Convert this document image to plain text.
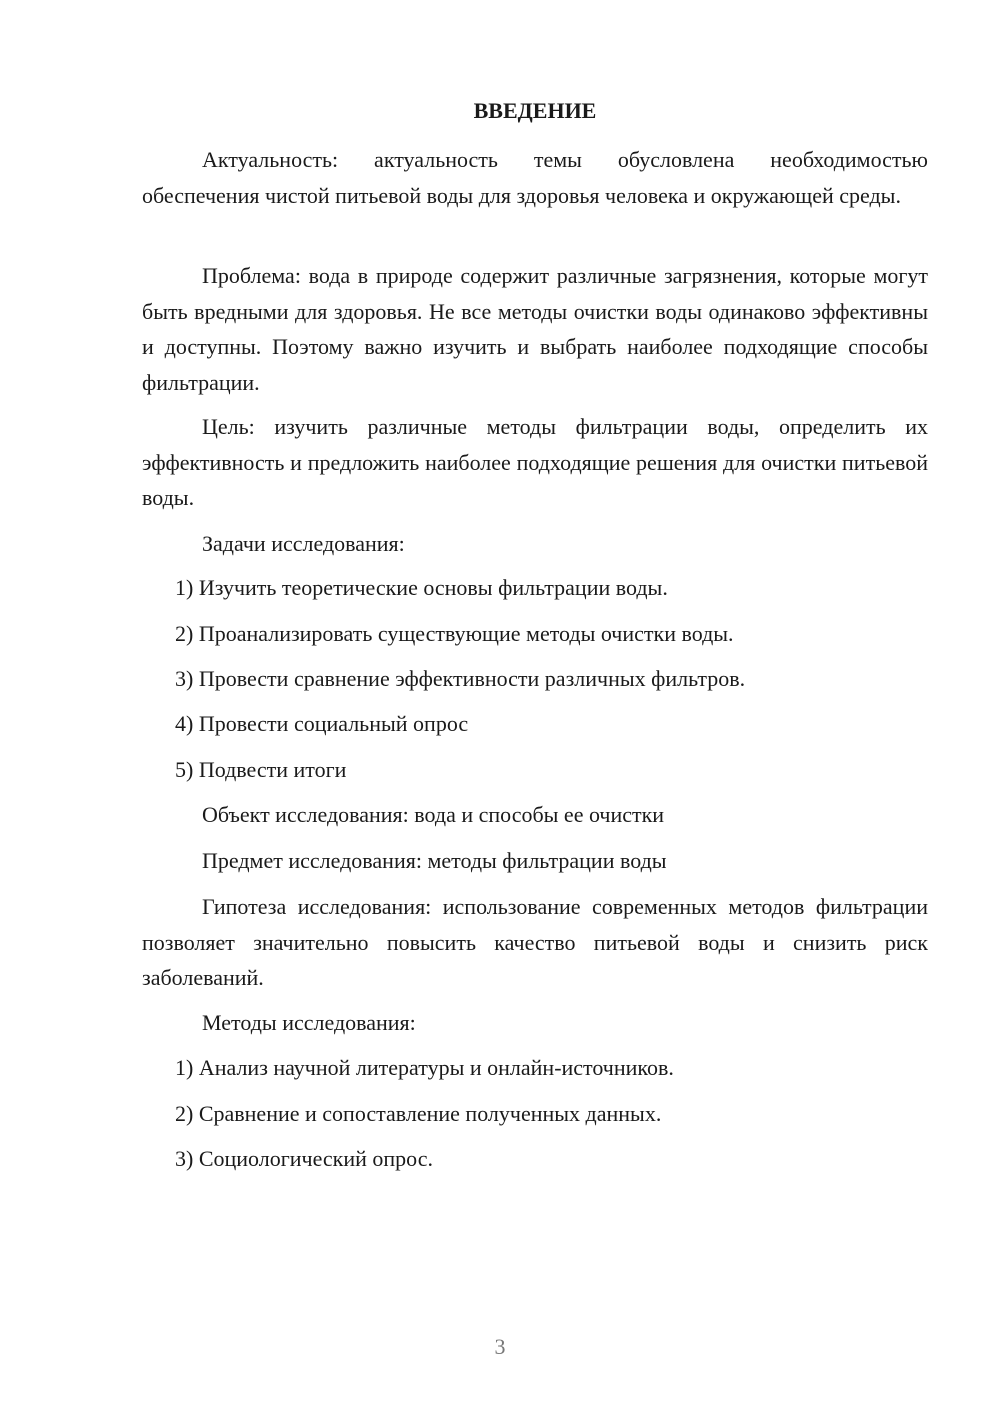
ВВЕДЕНИЕ

Актуальность: актуальность темы обусловлена необходимостью обеспечения чистой питьевой воды для здоровья человека и окружающей среды.

Проблема: вода в природе содержит различные загрязнения, которые могут быть вредными для здоровья. Не все методы очистки воды одинаково эффективны и доступны. Поэтому важно изучить и выбрать наиболее подходящие способы фильтрации.

Цель: изучить различные методы фильтрации воды, определить их эффективность и предложить наиболее подходящие решения для очистки питьевой воды.

Задачи исследования:

1) Изучить теоретические основы фильтрации воды.

2) Проанализировать существующие методы очистки воды.

3) Провести сравнение эффективности различных фильтров.

4) Провести социальный опрос

5) Подвести итоги

Объект исследования: вода и способы ее очистки

Предмет исследования: методы фильтрации воды

Гипотеза исследования: использование современных методов фильтрации позволяет значительно повысить качество питьевой воды и снизить риск заболеваний.

Методы исследования:

1) Анализ научной литературы и онлайн-источников.

2) Сравнение и сопоставление полученных данных.

3) Социологический опрос.

3
